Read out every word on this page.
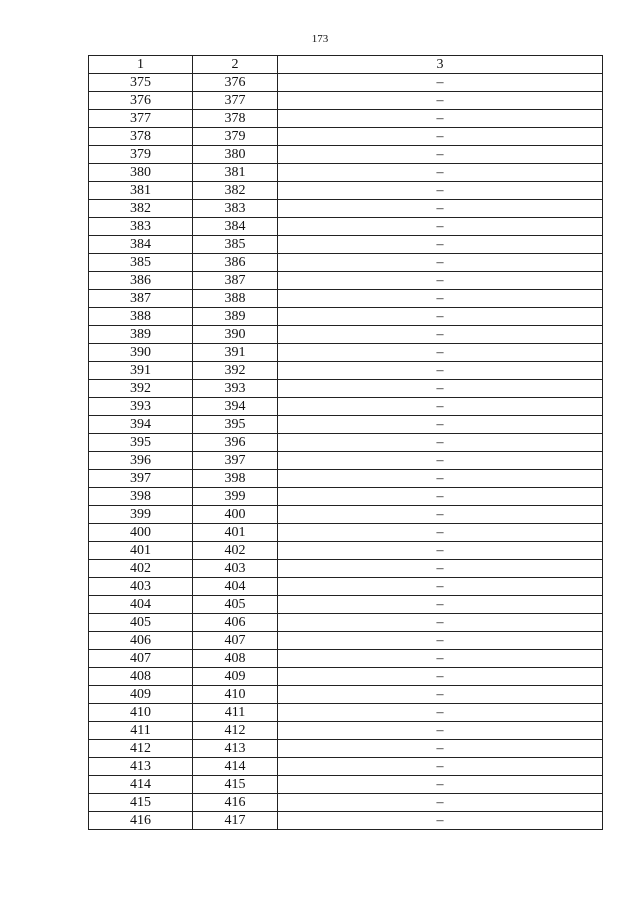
173
1	2	3
375	376	–
376	377	–
377	378	–
378	379	–
379	380	–
380	381	–
381	382	–
382	383	–
383	384	–
384	385	–
385	386	–
386	387	–
387	388	–
388	389	–
389	390	–
390	391	–
391	392	–
392	393	–
393	394	–
394	395	–
395	396	–
396	397	–
397	398	–
398	399	–
399	400	–
400	401	–
401	402	–
402	403	–
403	404	–
404	405	–
405	406	–
406	407	–
407	408	–
408	409	–
409	410	–
410	411	–
411	412	–
412	413	–
413	414	–
414	415	–
415	416	–
416	417	–
